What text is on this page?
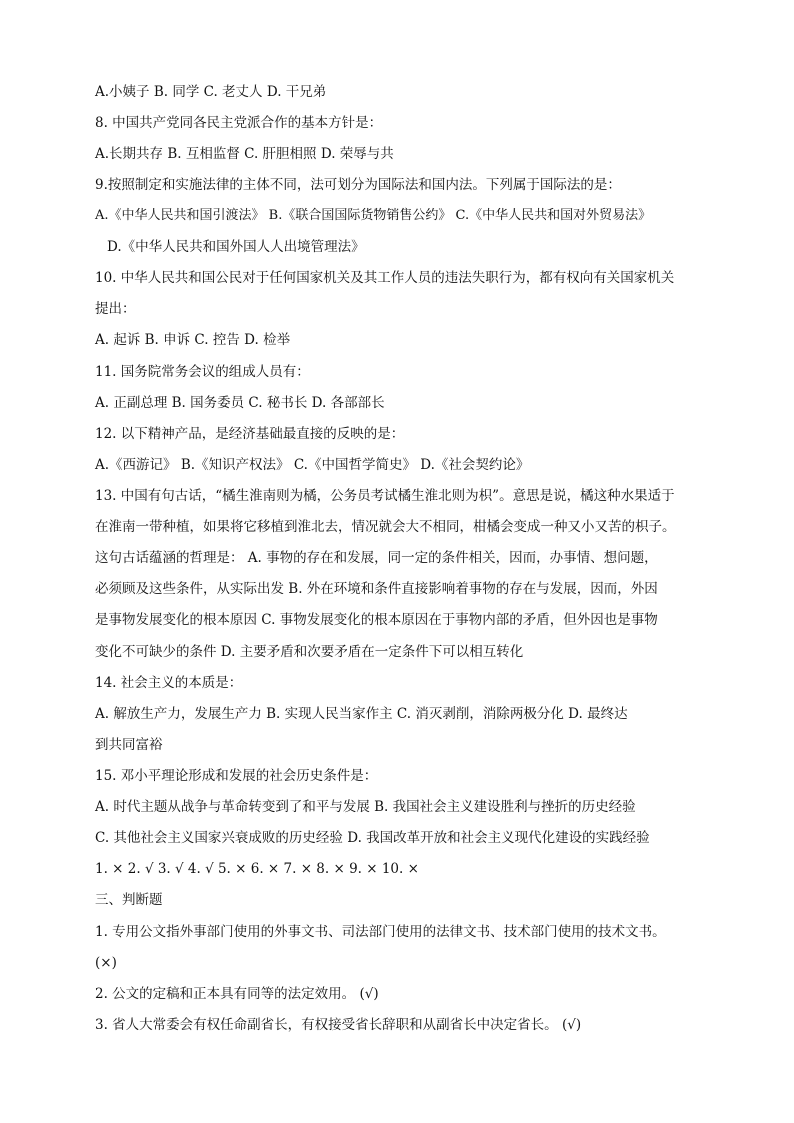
A.小姨子 B. 同学 C. 老丈人 D. 干兄弟
8. 中国共产党同各民主党派合作的基本方针是：
A.长期共存 B. 互相监督 C. 肝胆相照 D. 荣辱与共
9.按照制定和实施法律的主体不同，法可划分为国际法和国内法。下列属于国际法的是：
A.《中华人民共和国引渡法》 B.《联合国国际货物销售公约》 C.《中华人民共和国对外贸易法》
D.《中华人民共和国外国人人出境管理法》
10. 中华人民共和国公民对于任何国家机关及其工作人员的违法失职行为，都有权向有关国家机关
提出：
A. 起诉 B. 申诉 C. 控告 D. 检举
11. 国务院常务会议的组成人员有：
A. 正副总理 B. 国务委员 C. 秘书长 D. 各部部长
12. 以下精神产品，是经济基础最直接的反映的是：
A.《西游记》 B.《知识产权法》 C.《中国哲学简史》 D.《社会契约论》
13. 中国有句古话，“橘生淮南则为橘，公务员考试橘生淮北则为枳”。意思是说，橘这种水果适于
在淮南一带种植，如果将它移植到淮北去，情况就会大不相同，柑橘会变成一种又小又苦的枳子。
这句古话蕴涵的哲理是： A. 事物的存在和发展，同一定的条件相关，因而，办事情、想问题，
必须顾及这些条件，从实际出发 B. 外在环境和条件直接影响着事物的存在与发展，因而，外因
是事物发展变化的根本原因 C. 事物发展变化的根本原因在于事物内部的矛盾，但外因也是事物
变化不可缺少的条件 D. 主要矛盾和次要矛盾在一定条件下可以相互转化
14. 社会主义的本质是：
A. 解放生产力，发展生产力 B. 实现人民当家作主 C. 消灭剥削，消除两极分化 D. 最终达
到共同富裕
15. 邓小平理论形成和发展的社会历史条件是：
A. 时代主题从战争与革命转变到了和平与发展 B. 我国社会主义建设胜利与挫折的历史经验
C. 其他社会主义国家兴衰成败的历史经验 D. 我国改革开放和社会主义现代化建设的实践经验
1. × 2. √ 3. √ 4. √ 5. × 6. × 7. × 8. × 9. × 10. ×
三、判断题
1. 专用公文指外事部门使用的外事文书、司法部门使用的法律文书、技术部门使用的技术文书。
(×)
2. 公文的定稿和正本具有同等的法定效用。 (√)
3. 省人大常委会有权任命副省长，有权接受省长辞职和从副省长中决定省长。 (√)
